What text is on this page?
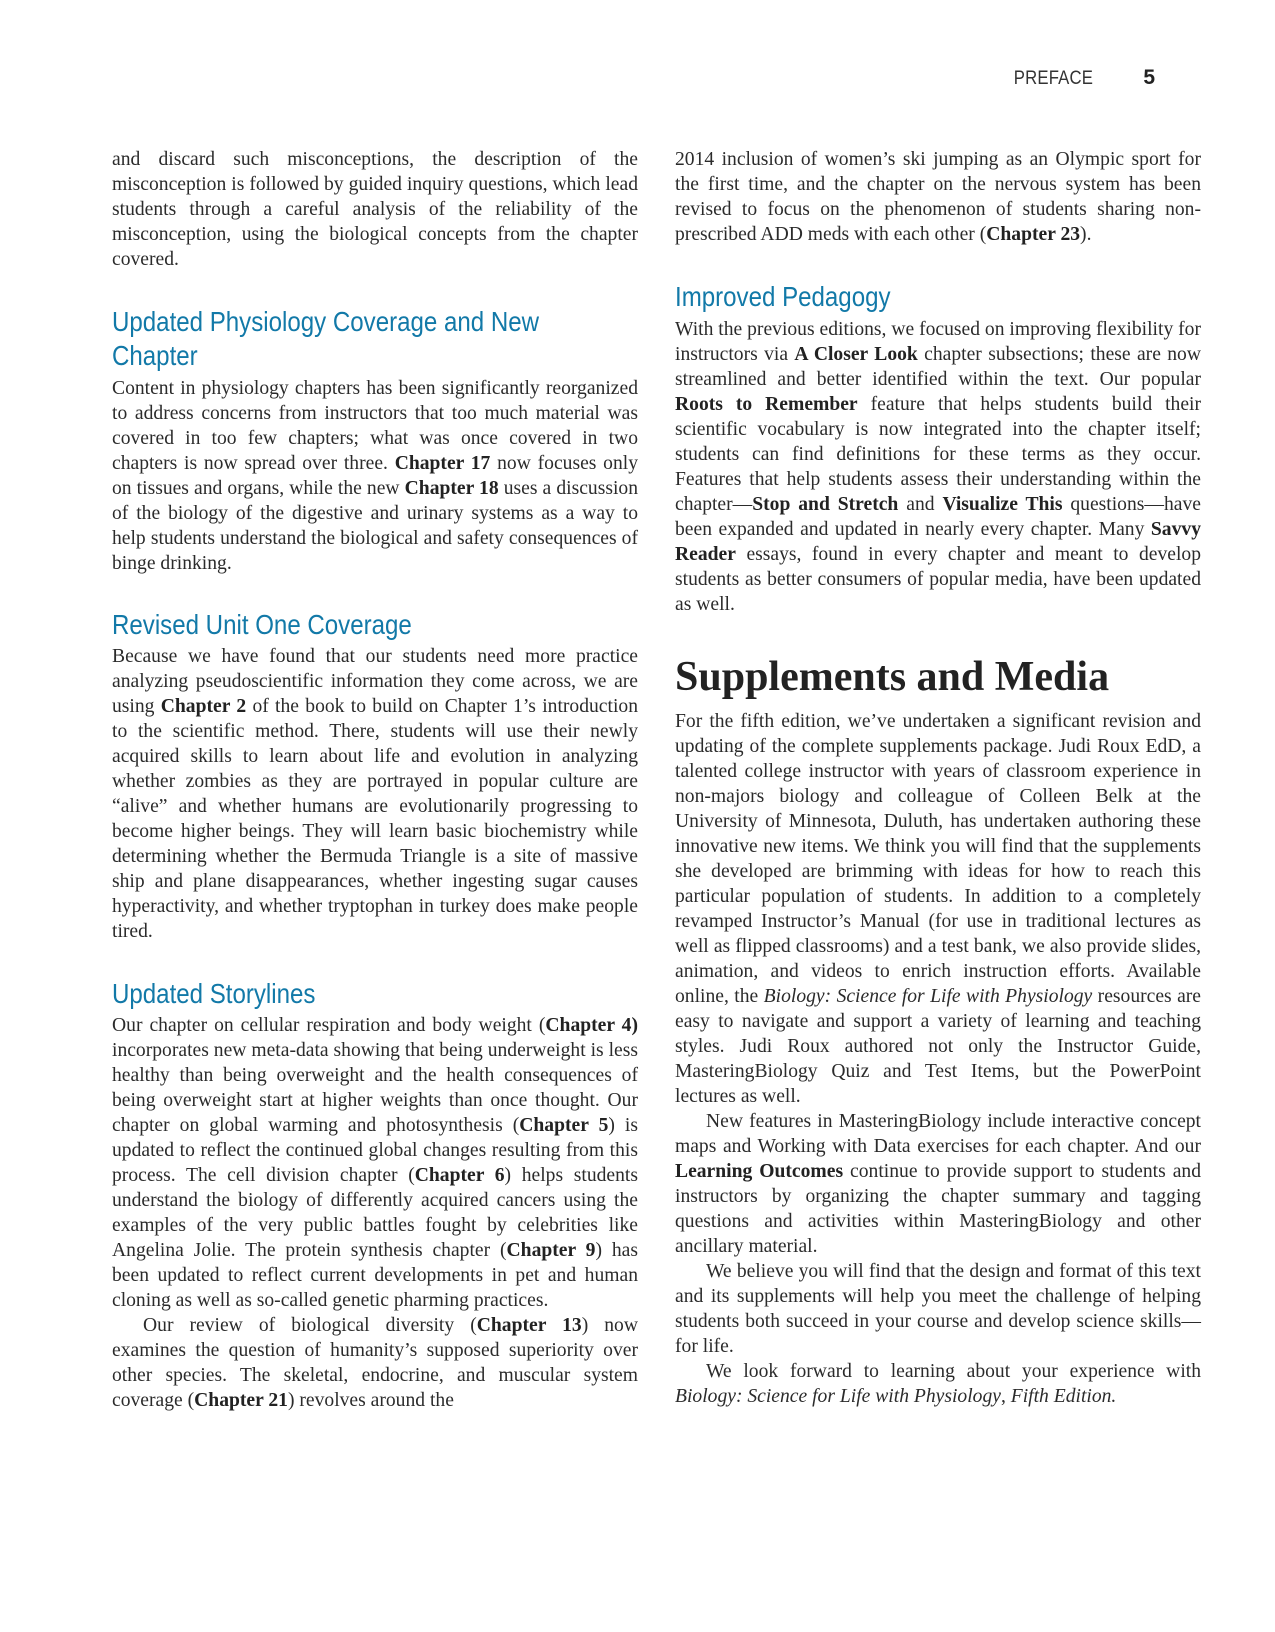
PREFACE 5

and discard such misconceptions, the description of the misconception is followed by guided inquiry questions, which lead students through a careful analysis of the reliability of the misconception, using the biological concepts from the chapter covered.

Updated Physiology Coverage and New
Chapter

Content in physiology chapters has been significantly reorganized to address concerns from instructors that too much material was covered in too few chapters; what was once covered in two chapters is now spread over three. Chapter 17 now focuses only on tissues and organs, while the new Chapter 18 uses a discussion of the biology of the digestive and urinary systems as a way to help students understand the biological and safety consequences of binge drinking.

Revised Unit One Coverage

Because we have found that our students need more practice analyzing pseudoscientific information they come across, we are using Chapter 2 of the book to build on Chapter 1’s introduction to the scientific method. There, students will use their newly acquired skills to learn about life and evolution in analyzing whether zombies as they are portrayed in popular culture are “alive” and whether humans are evolutionarily progressing to become higher beings. They will learn basic biochemistry while determining whether the Bermuda Triangle is a site of massive ship and plane disappearances, whether ingesting sugar causes hyperactivity, and whether tryptophan in turkey does make people tired.

Updated Storylines

Our chapter on cellular respiration and body weight (Chapter 4) incorporates new meta-data showing that being underweight is less healthy than being overweight and the health consequences of being overweight start at higher weights than once thought. Our chapter on global warming and photosynthesis (Chapter 5) is updated to reflect the continued global changes resulting from this process. The cell division chapter (Chapter 6) helps students understand the biology of differently acquired cancers using the examples of the very public battles fought by celebrities like Angelina Jolie. The protein synthesis chapter (Chapter 9) has been updated to reflect current developments in pet and human cloning as well as so-called genetic pharming practices.

Our review of biological diversity (Chapter 13) now examines the question of humanity’s supposed superiority over other species. The skeletal, endocrine, and muscular system coverage (Chapter 21) revolves around the

2014 inclusion of women’s ski jumping as an Olympic sport for the first time, and the chapter on the nervous system has been revised to focus on the phenomenon of students sharing non-prescribed ADD meds with each other (Chapter 23).

Improved Pedagogy

With the previous editions, we focused on improving flexibility for instructors via A Closer Look chapter subsections; these are now streamlined and better identified within the text. Our popular Roots to Remember feature that helps students build their scientific vocabulary is now integrated into the chapter itself; students can find definitions for these terms as they occur. Features that help students assess their understanding within the chapter—Stop and Stretch and Visualize This questions—have been expanded and updated in nearly every chapter. Many Savvy Reader essays, found in every chapter and meant to develop students as better consumers of popular media, have been updated as well.

Supplements and Media

For the fifth edition, we’ve undertaken a significant revision and updating of the complete supplements package. Judi Roux EdD, a talented college instructor with years of classroom experience in non-majors biology and colleague of Colleen Belk at the University of Minnesota, Duluth, has undertaken authoring these innovative new items. We think you will find that the supplements she developed are brimming with ideas for how to reach this particular population of students. In addition to a completely revamped Instructor’s Manual (for use in traditional lectures as well as flipped classrooms) and a test bank, we also provide slides, animation, and videos to enrich instruction efforts. Available online, the Biology: Science for Life with Physiology resources are easy to navigate and support a variety of learning and teaching styles. Judi Roux authored not only the Instructor Guide, MasteringBiology Quiz and Test Items, but the PowerPoint lectures as well.

New features in MasteringBiology include interactive concept maps and Working with Data exercises for each chapter. And our Learning Outcomes continue to provide support to students and instructors by organizing the chapter summary and tagging questions and activities within MasteringBiology and other ancillary material.

We believe you will find that the design and format of this text and its supplements will help you meet the challenge of helping students both succeed in your course and develop science skills—for life.

We look forward to learning about your experience with Biology: Science for Life with Physiology, Fifth Edition.
